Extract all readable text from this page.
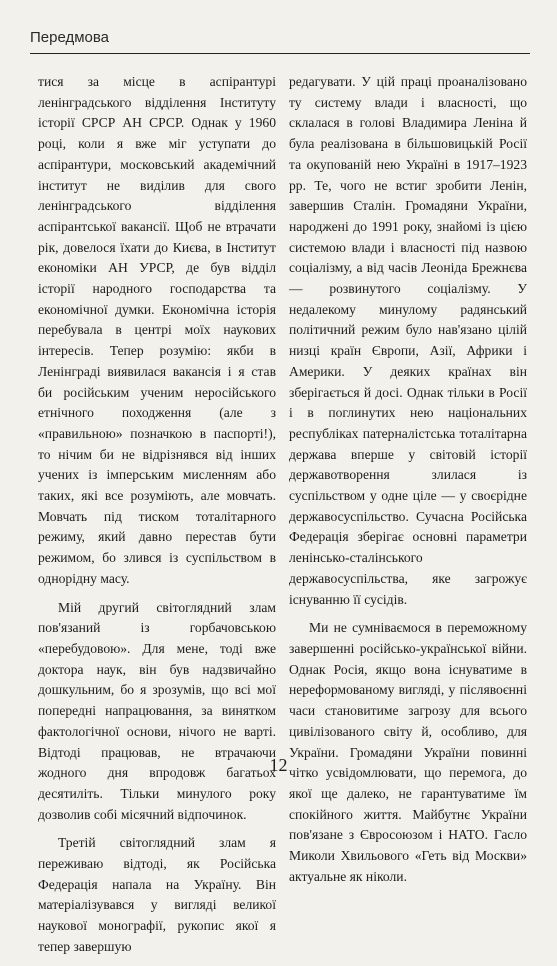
Передмова

тися за місце в аспірантурі ленінградського відділення Інституту історії СРСР АН СРСР. Однак у 1960 році, коли я вже міг уступати до аспірантури, московський академічний інститут не виділив для свого ленінградського відділення аспірантської вакансії. Щоб не втрачати рік, довелося їхати до Києва, в Інститут економіки АН УРСР, де був відділ історії народного господарства та економічної думки. Економічна історія перебувала в центрі моїх наукових інтересів. Тепер розумію: якби в Ленінграді виявилася вакансія і я став би російським ученим неросійського етнічного походження (але з «правильною» позначкою в паспорті!), то нічим би не відрізнявся від інших учених із імперським мисленням або таких, які все розуміють, але мовчать. Мовчать під тиском тоталітарного режиму, який давно перестав бути режимом, бо злився із суспільством в однорідну масу.

Мій другий світоглядний злам пов'язаний із горбачовською «перебудовою». Для мене, тоді вже доктора наук, він був надзвичайно дошкульним, бо я зрозумів, що всі мої попередні напрацювання, за винятком фактологічної основи, нічого не варті. Відтоді працював, не втрачаючи жодного дня впродовж багатьох десятиліть. Тільки минулого року дозволив собі місячний відпочинок.

Третій світоглядний злам я переживаю відтоді, як Російська Федерація напала на Україну. Він матеріалізувався у вигляді великої наукової монографії, рукопис якої я тепер завершую

редагувати. У цій праці проаналізовано ту систему влади і власності, що склалася в голові Владимира Леніна й була реалізована в більшовицькій Росії та окупованій нею Україні в 1917–1923 рр. Те, чого не встиг зробити Ленін, завершив Сталін. Громадяни України, народжені до 1991 року, знайомі із цією системою влади і власності під назвою соціалізму, а від часів Леоніда Брежнєва — розвинутого соціалізму. У недалекому минулому радянський політичний режим було нав'язано цілій низці країн Європи, Азії, Африки і Америки. У деяких країнах він зберігається й досі. Однак тільки в Росії і в поглинутих нею національних республіках патерналістська тоталітарна держава вперше у світовій історії державотворення злилася із суспільством у одне ціле — у своєрідне державосуспільство. Сучасна Російська Федерація зберігає основні параметри ленінсько-сталінського державосуспільства, яке загрожує існуванню її сусідів.

Ми не сумніваємося в переможному завершенні російсько-української війни. Однак Росія, якщо вона існуватиме в нереформованому вигляді, у післявоєнні часи становитиме загрозу для всього цивілізованого світу й, особливо, для України. Громадяни України повинні чітко усвідомлювати, що перемога, до якої ще далеко, не гарантуватиме їм спокійного життя. Майбутнє України пов'язане з Євросоюзом і НАТО. Гасло Миколи Хвильового «Геть від Москви» актуальне як ніколи.

12
